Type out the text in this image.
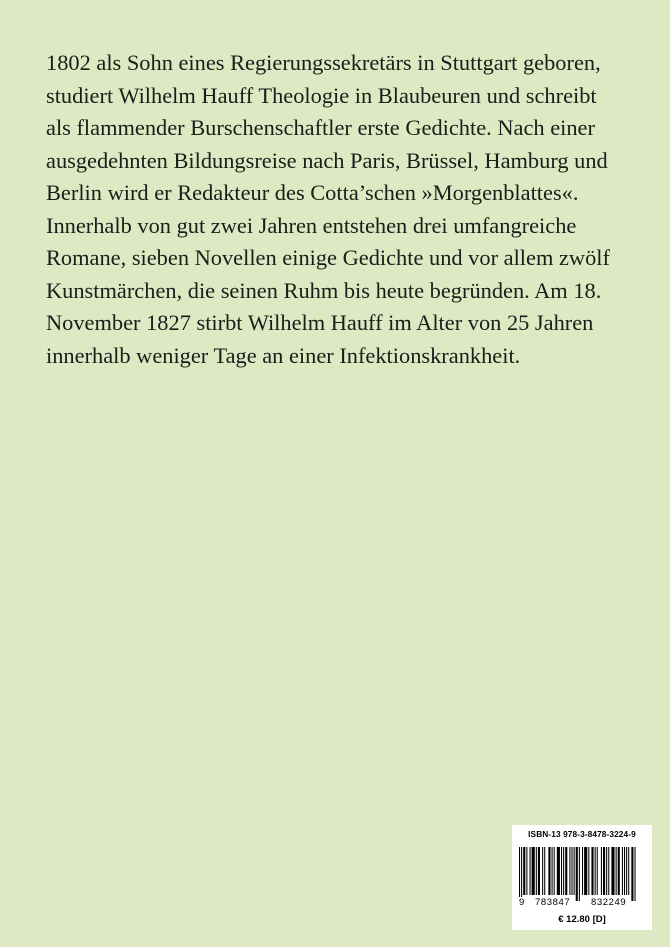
1802 als Sohn eines Regierungssekretärs in Stuttgart geboren,
studiert Wilhelm Hauff Theologie in Blaubeuren und schreibt
als flammender Burschenschaftler erste Gedichte. Nach einer
ausgedehnten Bildungsreise nach Paris, Brüssel, Hamburg und
Berlin wird er Redakteur des Cotta’schen »Morgenblattes«.
Innerhalb von gut zwei Jahren entstehen drei umfangreiche
Romane, sieben Novellen einige Gedichte und vor allem zwölf
Kunstmärchen, die seinen Ruhm bis heute begründen. Am 18.
November 1827 stirbt Wilhelm Hauff im Alter von 25 Jahren
innerhalb weniger Tage an einer Infektionskrankheit.
ISBN-13 978-3-8478-3224-9
9 783847 832249
€ 12.80 [D]
